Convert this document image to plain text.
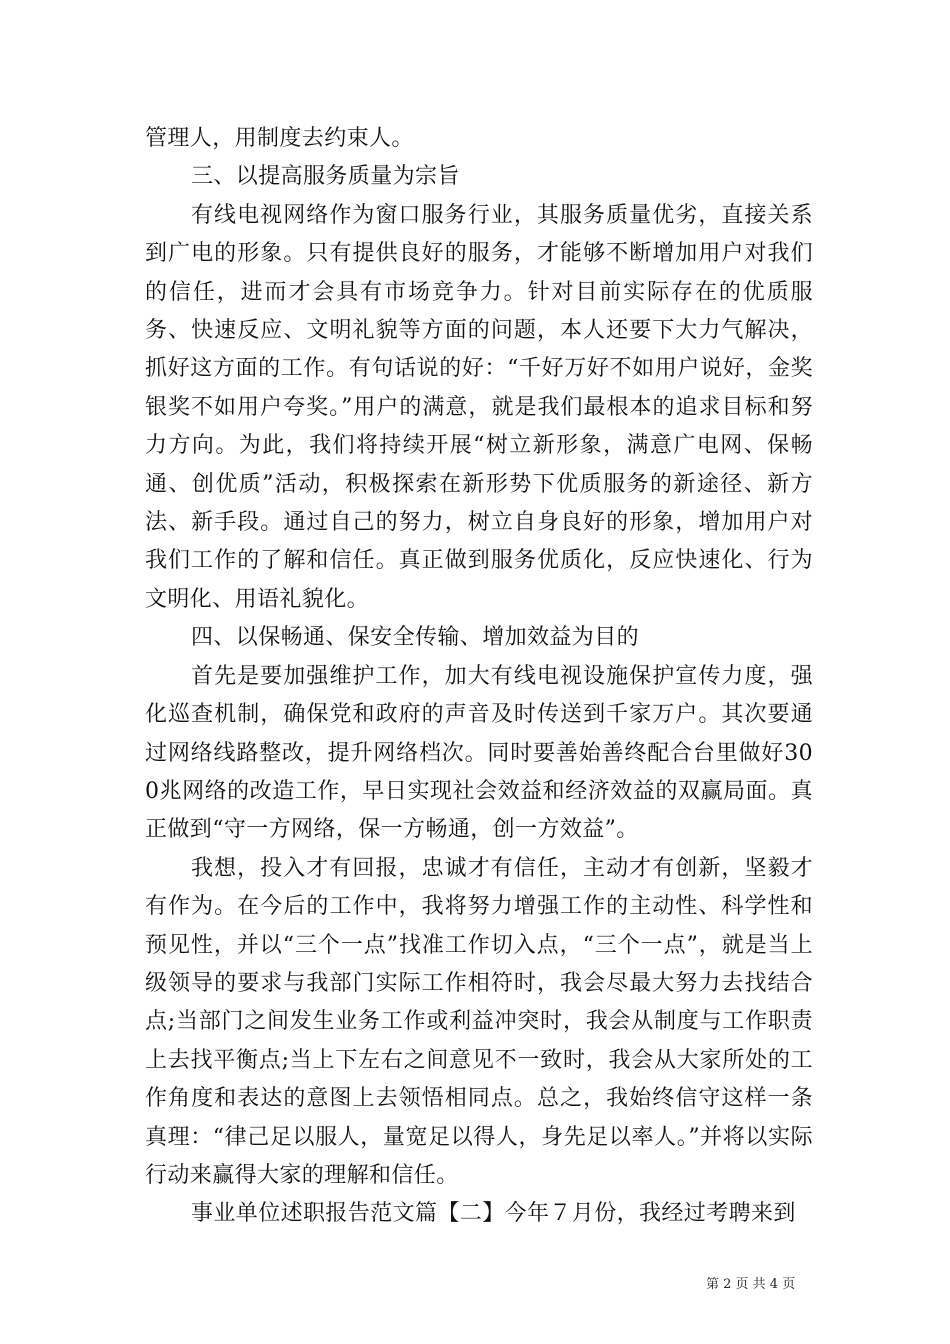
管理人，用制度去约束人。

三、以提高服务质量为宗旨

有线电视网络作为窗口服务行业，其服务质量优劣，直接关系到广电的形象。只有提供良好的服务，才能够不断增加用户对我们的信任，进而才会具有市场竞争力。针对目前实际存在的优质服务、快速反应、文明礼貌等方面的问题，本人还要下大力气解决，抓好这方面的工作。有句话说的好：“千好万好不如用户说好，金奖银奖不如用户夸奖。”用户的满意，就是我们最根本的追求目标和努力方向。为此，我们将持续开展“树立新形象，满意广电网、保畅通、创优质”活动，积极探索在新形势下优质服务的新途径、新方法、新手段。通过自己的努力，树立自身良好的形象，增加用户对我们工作的了解和信任。真正做到服务优质化，反应快速化、行为文明化、用语礼貌化。

四、以保畅通、保安全传输、增加效益为目的

首先是要加强维护工作，加大有线电视设施保护宣传力度，强化巡查机制，确保党和政府的声音及时传送到千家万户。其次要通过网络线路整改，提升网络档次。同时要善始善终配合台里做好300兆网络的改造工作，早日实现社会效益和经济效益的双赢局面。真正做到“守一方网络，保一方畅通，创一方效益”。

我想，投入才有回报，忠诚才有信任，主动才有创新，坚毅才有作为。在今后的工作中，我将努力增强工作的主动性、科学性和预见性，并以“三个一点”找准工作切入点，“三个一点”，就是当上级领导的要求与我部门实际工作相符时，我会尽最大努力去找结合点;当部门之间发生业务工作或利益冲突时，我会从制度与工作职责上去找平衡点;当上下左右之间意见不一致时，我会从大家所处的工作角度和表达的意图上去领悟相同点。总之，我始终信守这样一条真理：“律己足以服人，量宽足以得人，身先足以率人。”并将以实际行动来赢得大家的理解和信任。

事业单位述职报告范文篇【二】今年７月份，我经过考聘来到

第 2 页 共 4 页
